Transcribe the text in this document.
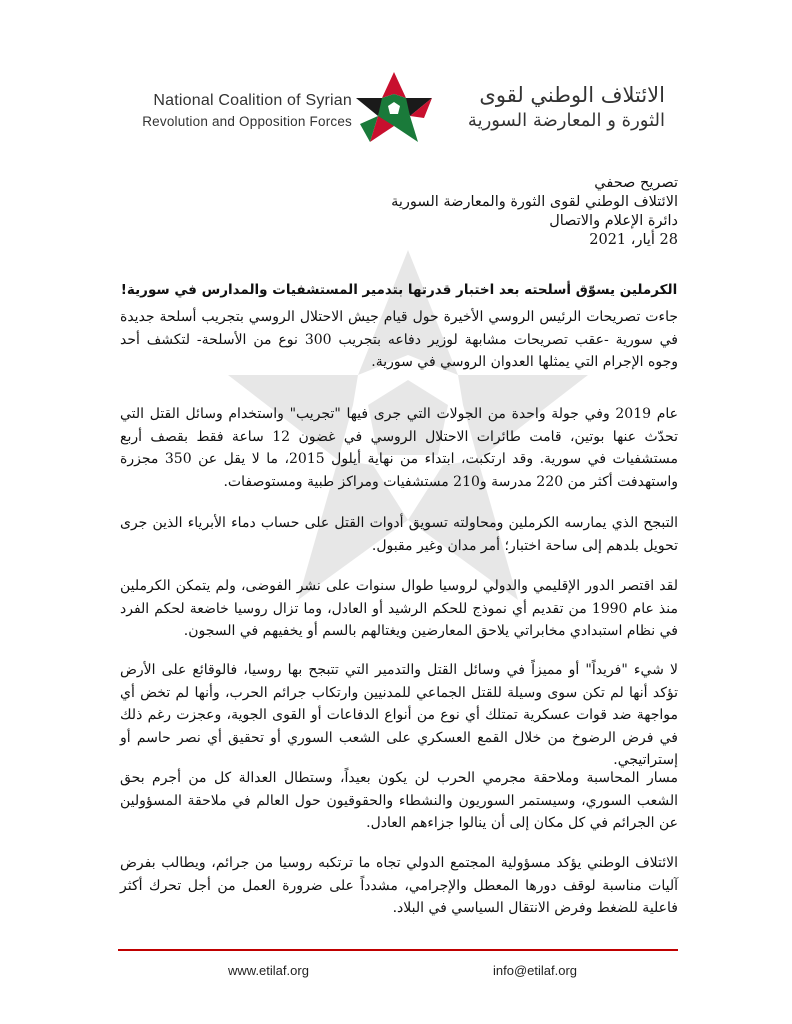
National Coalition of Syrian
Revolution and Opposition Forces
الائتلاف الوطني لقوى
الثورة و المعارضة السورية
تصريح صحفي
الائتلاف الوطني لقوى الثورة والمعارضة السورية
دائرة الإعلام والاتصال
28 أيار، 2021
الكرملين يسوّق أسلحته بعد اختبار قدرتها بتدمير المستشفيات والمدارس في سورية!

جاءت تصريحات الرئيس الروسي الأخيرة حول قيام جيش الاحتلال الروسي بتجريب أسلحة جديدة في سورية -عقب تصريحات مشابهة لوزير دفاعه بتجريب 300 نوع من الأسلحة- لتكشف أحد وجوه الإجرام التي يمثلها العدوان الروسي في سورية.

عام 2019 وفي جولة واحدة من الجولات التي جرى فيها "تجريب" واستخدام وسائل القتل التي تحدّث عنها بوتين، قامت طائرات الاحتلال الروسي في غضون 12 ساعة فقط بقصف أربع مستشفيات في سورية. وقد ارتكبت، ابتداء من نهاية أيلول 2015، ما لا يقل عن 350 مجزرة واستهدفت أكثر من 220 مدرسة و210 مستشفيات ومراكز طبية ومستوصفات.

التبجح الذي يمارسه الكرملين ومحاولته تسويق أدوات القتل على حساب دماء الأبرياء الذين جرى تحويل بلدهم إلى ساحة اختبار؛ أمر مدان وغير مقبول.

لقد اقتصر الدور الإقليمي والدولي لروسيا طوال سنوات على نشر الفوضى، ولم يتمكن الكرملين منذ عام 1990 من تقديم أي نموذج للحكم الرشيد أو العادل، وما تزال روسيا خاضعة لحكم الفرد في نظام استبدادي مخابراتي يلاحق المعارضين ويغتالهم بالسم أو يخفيهم في السجون.

لا شيء "فريداً" أو مميزاً في وسائل القتل والتدمير التي تتبجح بها روسيا، فالوقائع على الأرض تؤكد أنها لم تكن سوى وسيلة للقتل الجماعي للمدنيين وارتكاب جرائم الحرب، وأنها لم تخض أي مواجهة ضد قوات عسكرية تمتلك أي نوع من أنواع الدفاعات أو القوى الجوية، وعجزت رغم ذلك في فرض الرضوخ من خلال القمع العسكري على الشعب السوري أو تحقيق أي نصر حاسم أو إستراتيجي.

مسار المحاسبة وملاحقة مجرمي الحرب لن يكون بعيداً، وستطال العدالة كل من أجرم بحق الشعب السوري، وسيستمر السوريون والنشطاء والحقوقيون حول العالم في ملاحقة المسؤولين عن الجرائم في كل مكان إلى أن ينالوا جزاءهم العادل.

الائتلاف الوطني يؤكد مسؤولية المجتمع الدولي تجاه ما ترتكبه روسيا من جرائم، ويطالب بفرض آليات مناسبة لوقف دورها المعطل والإجرامي، مشدداً على ضرورة العمل من أجل تحرك أكثر فاعلية للضغط وفرض الانتقال السياسي في البلاد.

www.etilaf.org	info@etilaf.org
